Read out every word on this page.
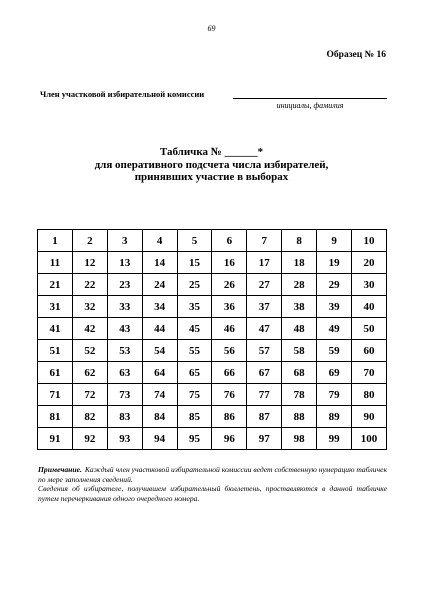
69
Образец № 16
Член участковой избирательной комиссии
инициалы, фамилия
Табличка № ______*
для оперативного подсчета числа избирателей,
принявших участие в выборах
1	2	3	4	5	6	7	8	9	10
11	12	13	14	15	16	17	18	19	20
21	22	23	24	25	26	27	28	29	30
31	32	33	34	35	36	37	38	39	40
41	42	43	44	45	46	47	48	49	50
51	52	53	54	55	56	57	58	59	60
61	62	63	64	65	66	67	68	69	70
71	72	73	74	75	76	77	78	79	80
81	82	83	84	85	86	87	88	89	90
91	92	93	94	95	96	97	98	99	100

Примечание. Каждый член участковой избирательной комиссии ведет собственную нумерацию табличек по мере заполнения сведений.

Сведения об избирателе, получившем избирательный бюллетень, проставляются в данной табличке путем перечеркивания одного очередного номера.
